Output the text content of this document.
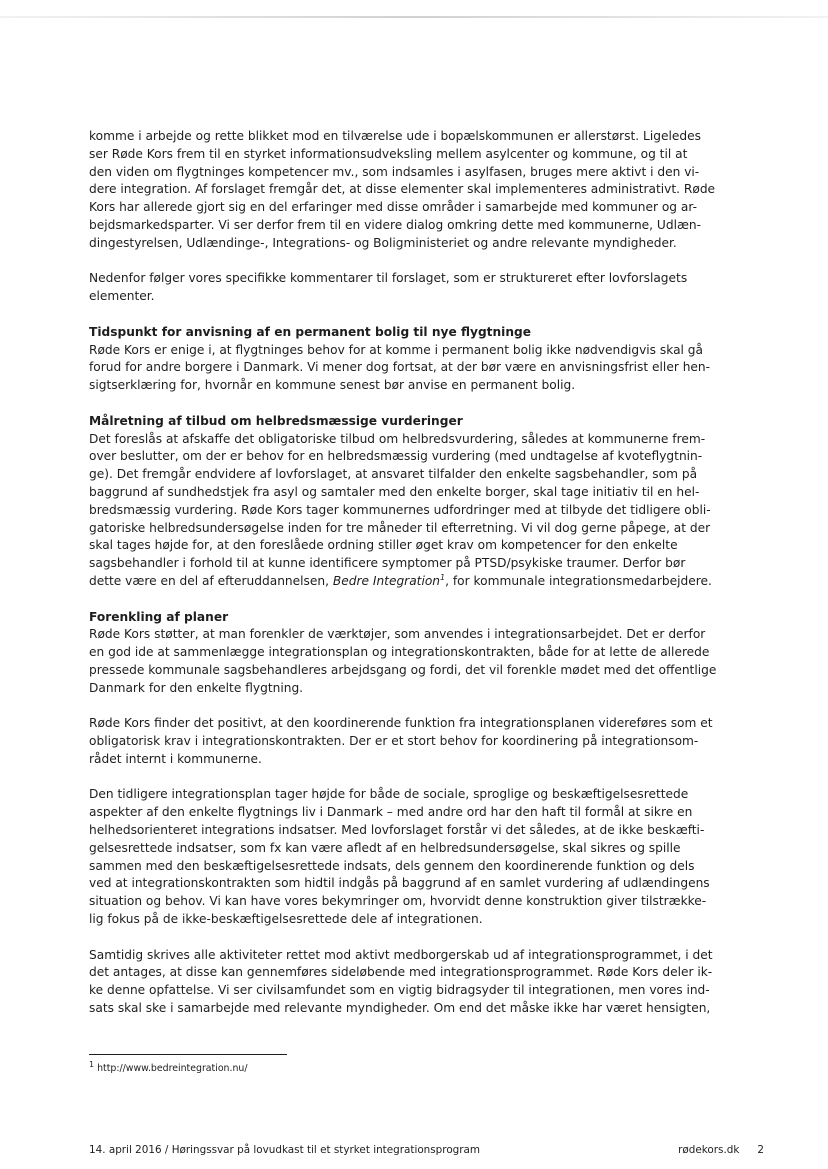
komme i arbejde og rette blikket mod en tilværelse ude i bopælskommunen er allerstørst. Ligeledes
ser Røde Kors frem til en styrket informationsudveksling mellem asylcenter og kommune, og til at
den viden om flygtninges kompetencer mv., som indsamles i asylfasen, bruges mere aktivt i den vi-
dere integration. Af forslaget fremgår det, at disse elementer skal implementeres administrativt. Røde
Kors har allerede gjort sig en del erfaringer med disse områder i samarbejde med kommuner og ar-
bejdsmarkedsparter. Vi ser derfor frem til en videre dialog omkring dette med kommunerne, Udlæn-
dingestyrelsen, Udlændinge-, Integrations- og Boligministeriet og andre relevante myndigheder.

Nedenfor følger vores specifikke kommentarer til forslaget, som er struktureret efter lovforslagets
elementer.

Tidspunkt for anvisning af en permanent bolig til nye flygtninge

Røde Kors er enige i, at flygtninges behov for at komme i permanent bolig ikke nødvendigvis skal gå
forud for andre borgere i Danmark. Vi mener dog fortsat, at der bør være en anvisningsfrist eller hen-
sigtserklæring for, hvornår en kommune senest bør anvise en permanent bolig.

Målretning af tilbud om helbredsmæssige vurderinger

Det foreslås at afskaffe det obligatoriske tilbud om helbredsvurdering, således at kommunerne frem-
over beslutter, om der er behov for en helbredsmæssig vurdering (med undtagelse af kvoteflygtnin-
ge). Det fremgår endvidere af lovforslaget, at ansvaret tilfalder den enkelte sagsbehandler, som på
baggrund af sundhedstjek fra asyl og samtaler med den enkelte borger, skal tage initiativ til en hel-
bredsmæssig vurdering. Røde Kors tager kommunernes udfordringer med at tilbyde det tidligere obli-
gatoriske helbredsundersøgelse inden for tre måneder til efterretning. Vi vil dog gerne påpege, at der
skal tages højde for, at den foreslåede ordning stiller øget krav om kompetencer for den enkelte
sagsbehandler i forhold til at kunne identificere symptomer på PTSD/psykiske traumer. Derfor bør
dette være en del af efteruddannelsen, Bedre Integration$^1$, for kommunale integrationsmedarbejdere.

Forenkling af planer

Røde Kors støtter, at man forenkler de værktøjer, som anvendes i integrationsarbejdet. Det er derfor
en god ide at sammenlægge integrationsplan og integrationskontrakten, både for at lette de allerede
pressede kommunale sagsbehandleres arbejdsgang og fordi, det vil forenkle mødet med det offentlige
Danmark for den enkelte flygtning.

Røde Kors finder det positivt, at den koordinerende funktion fra integrationsplanen videreføres som et
obligatorisk krav i integrationskontrakten. Der er et stort behov for koordinering på integrationsom-
rådet internt i kommunerne.

Den tidligere integrationsplan tager højde for både de sociale, sproglige og beskæftigelsesrettede
aspekter af den enkelte flygtnings liv i Danmark – med andre ord har den haft til formål at sikre en
helhedsorienteret integrations indsatser. Med lovforslaget forstår vi det således, at de ikke beskæfti-
gelsesrettede indsatser, som fx kan være afledt af en helbredsundersøgelse, skal sikres og spille
sammen med den beskæftigelsesrettede indsats, dels gennem den koordinerende funktion og dels
ved at integrationskontrakten som hidtil indgås på baggrund af en samlet vurdering af udlændingens
situation og behov. Vi kan have vores bekymringer om, hvorvidt denne konstruktion giver tilstrække-
lig fokus på de ikke-beskæftigelsesrettede dele af integrationen.

Samtidig skrives alle aktiviteter rettet mod aktivt medborgerskab ud af integrationsprogrammet, i det
det antages, at disse kan gennemføres sideløbende med integrationsprogrammet. Røde Kors deler ik-
ke denne opfattelse. Vi ser civilsamfundet som en vigtig bidragsyder til integrationen, men vores ind-
sats skal ske i samarbejde med relevante myndigheder. Om end det måske ikke har været hensigten,

$^1$ http://www.bedreintegration.nu/
14. april 2016 / Høringssvar på lovudkast til et styrket integrationsprogram	rødekors.dk 2
